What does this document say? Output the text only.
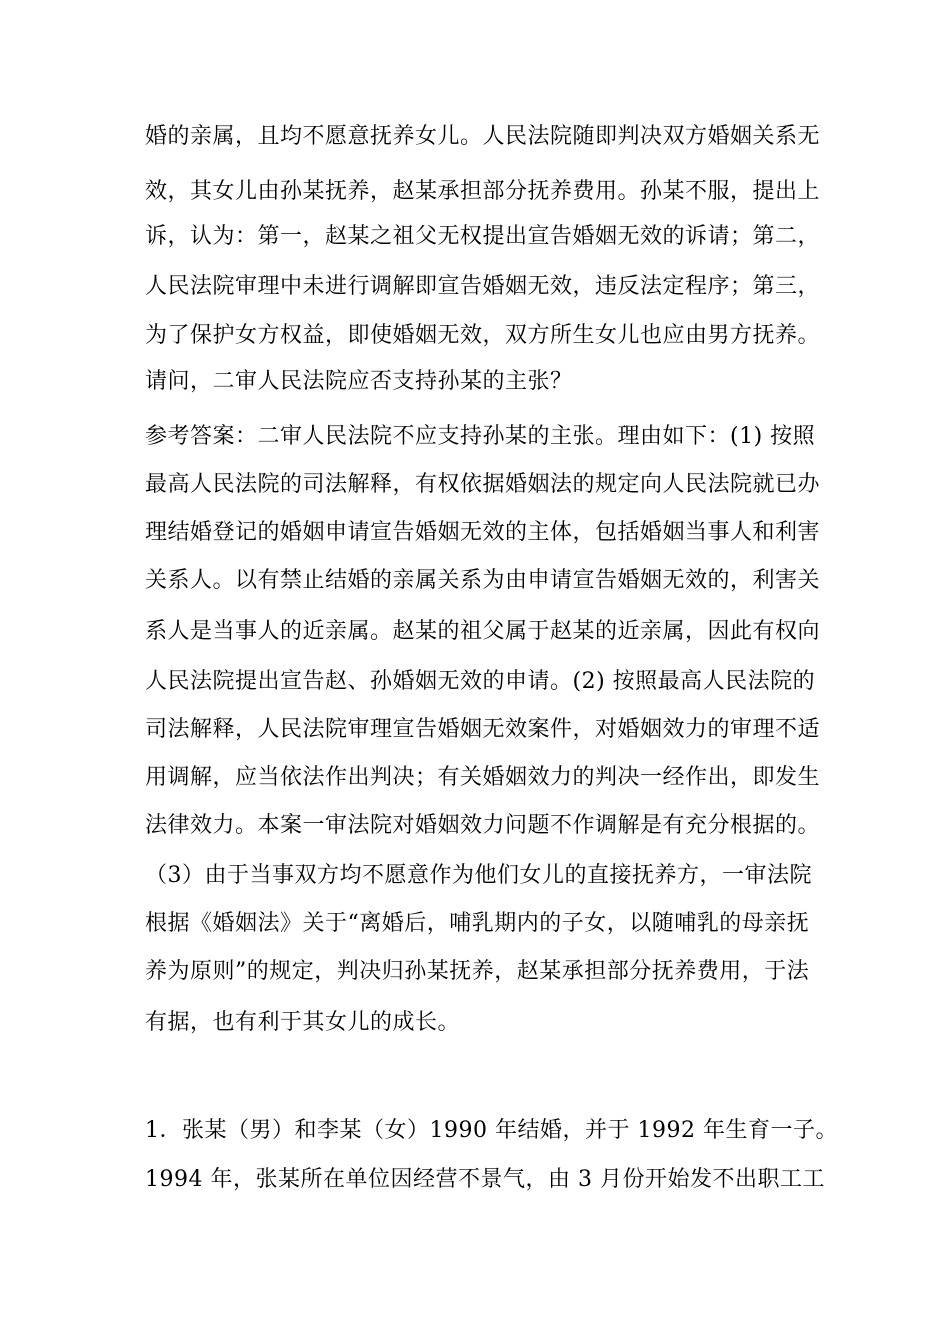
婚的亲属，且均不愿意抚养女儿。人民法院随即判决双方婚姻关系无
效，其女儿由孙某抚养，赵某承担部分抚养费用。孙某不服，提出上
诉，认为：第一，赵某之祖父无权提出宣告婚姻无效的诉请；第二，
人民法院审理中未进行调解即宣告婚姻无效，违反法定程序；第三，
为了保护女方权益，即使婚姻无效，双方所生女儿也应由男方抚养。
请问，二审人民法院应否支持孙某的主张？
参考答案：二审人民法院不应支持孙某的主张。理由如下：(1) 按照
最高人民法院的司法解释，有权依据婚姻法的规定向人民法院就已办
理结婚登记的婚姻申请宣告婚姻无效的主体，包括婚姻当事人和利害
关系人。以有禁止结婚的亲属关系为由申请宣告婚姻无效的，利害关
系人是当事人的近亲属。赵某的祖父属于赵某的近亲属，因此有权向
人民法院提出宣告赵、孙婚姻无效的申请。(2) 按照最高人民法院的
司法解释，人民法院审理宣告婚姻无效案件，对婚姻效力的审理不适
用调解，应当依法作出判决；有关婚姻效力的判决一经作出，即发生
法律效力。本案一审法院对婚姻效力问题不作调解是有充分根据的。
（3）由于当事双方均不愿意作为他们女儿的直接抚养方，一审法院
根据《婚姻法》关于“离婚后，哺乳期内的子女，以随哺乳的母亲抚
养为原则”的规定，判决归孙某抚养，赵某承担部分抚养费用，于法
有据，也有利于其女儿的成长。
1．张某（男）和李某（女）1990 年结婚，并于 1992 年生育一子。
1994 年，张某所在单位因经营不景气，由 3 月份开始发不出职工工
